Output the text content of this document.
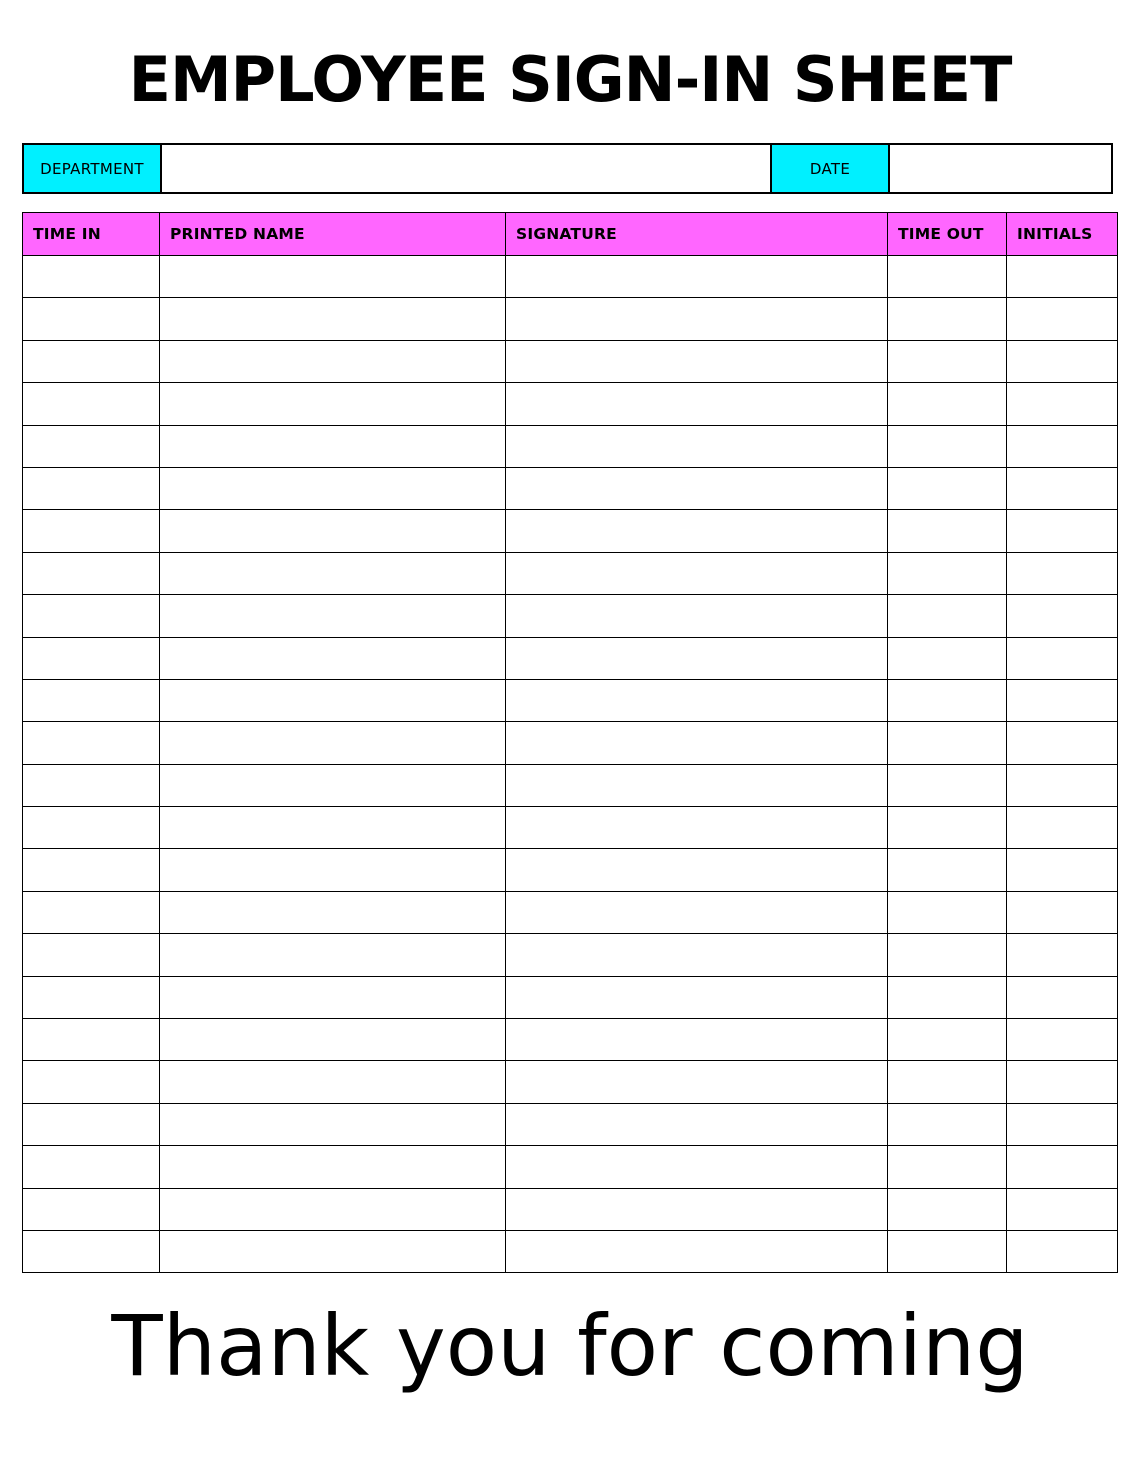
EMPLOYEE SIGN-IN SHEET
DEPARTMENT	DATE
TIME IN	PRINTED NAME	SIGNATURE	TIME OUT	INITIALS

Thank you for coming
